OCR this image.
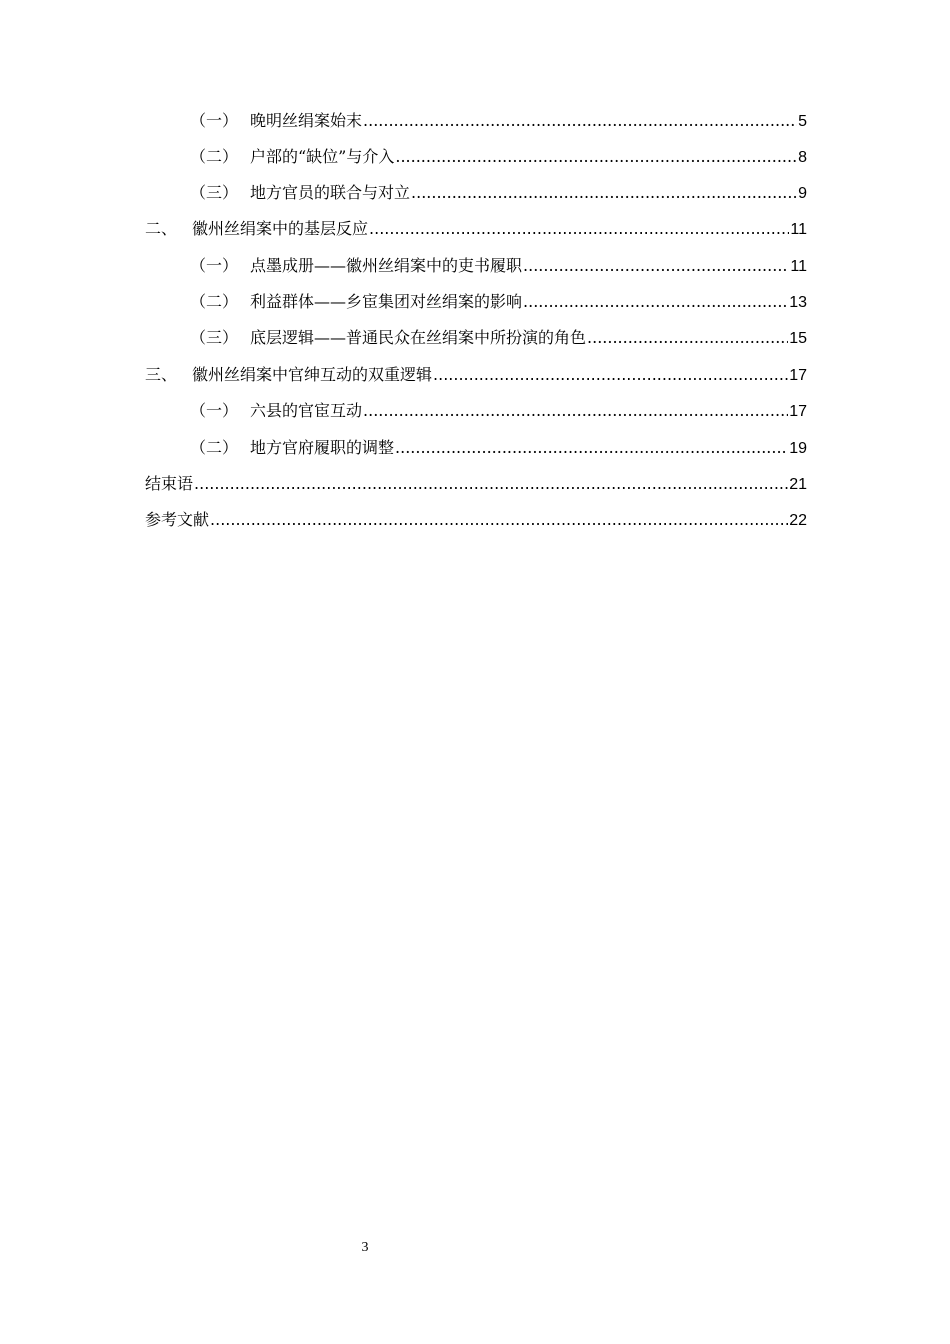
（一） 晚明丝绢案始末 .....	5
（二） 户部的“缺位”与介入 .....	8
（三） 地方官员的联合与对立 .....	9
二、 徽州丝绢案中的基层反应 .....	11
（一） 点墨成册——徽州丝绢案中的吏书履职 .....	11
（二） 利益群体——乡宦集团对丝绢案的影响 .....	13
（三） 底层逻辑——普通民众在丝绢案中所扮演的角色 .....	15
三、 徽州丝绢案中官绅互动的双重逻辑 .....	17
（一） 六县的官宦互动 .....	17
（二） 地方官府履职的调整 .....	19
结束语 .....	21
参考文献 .....	22
3
